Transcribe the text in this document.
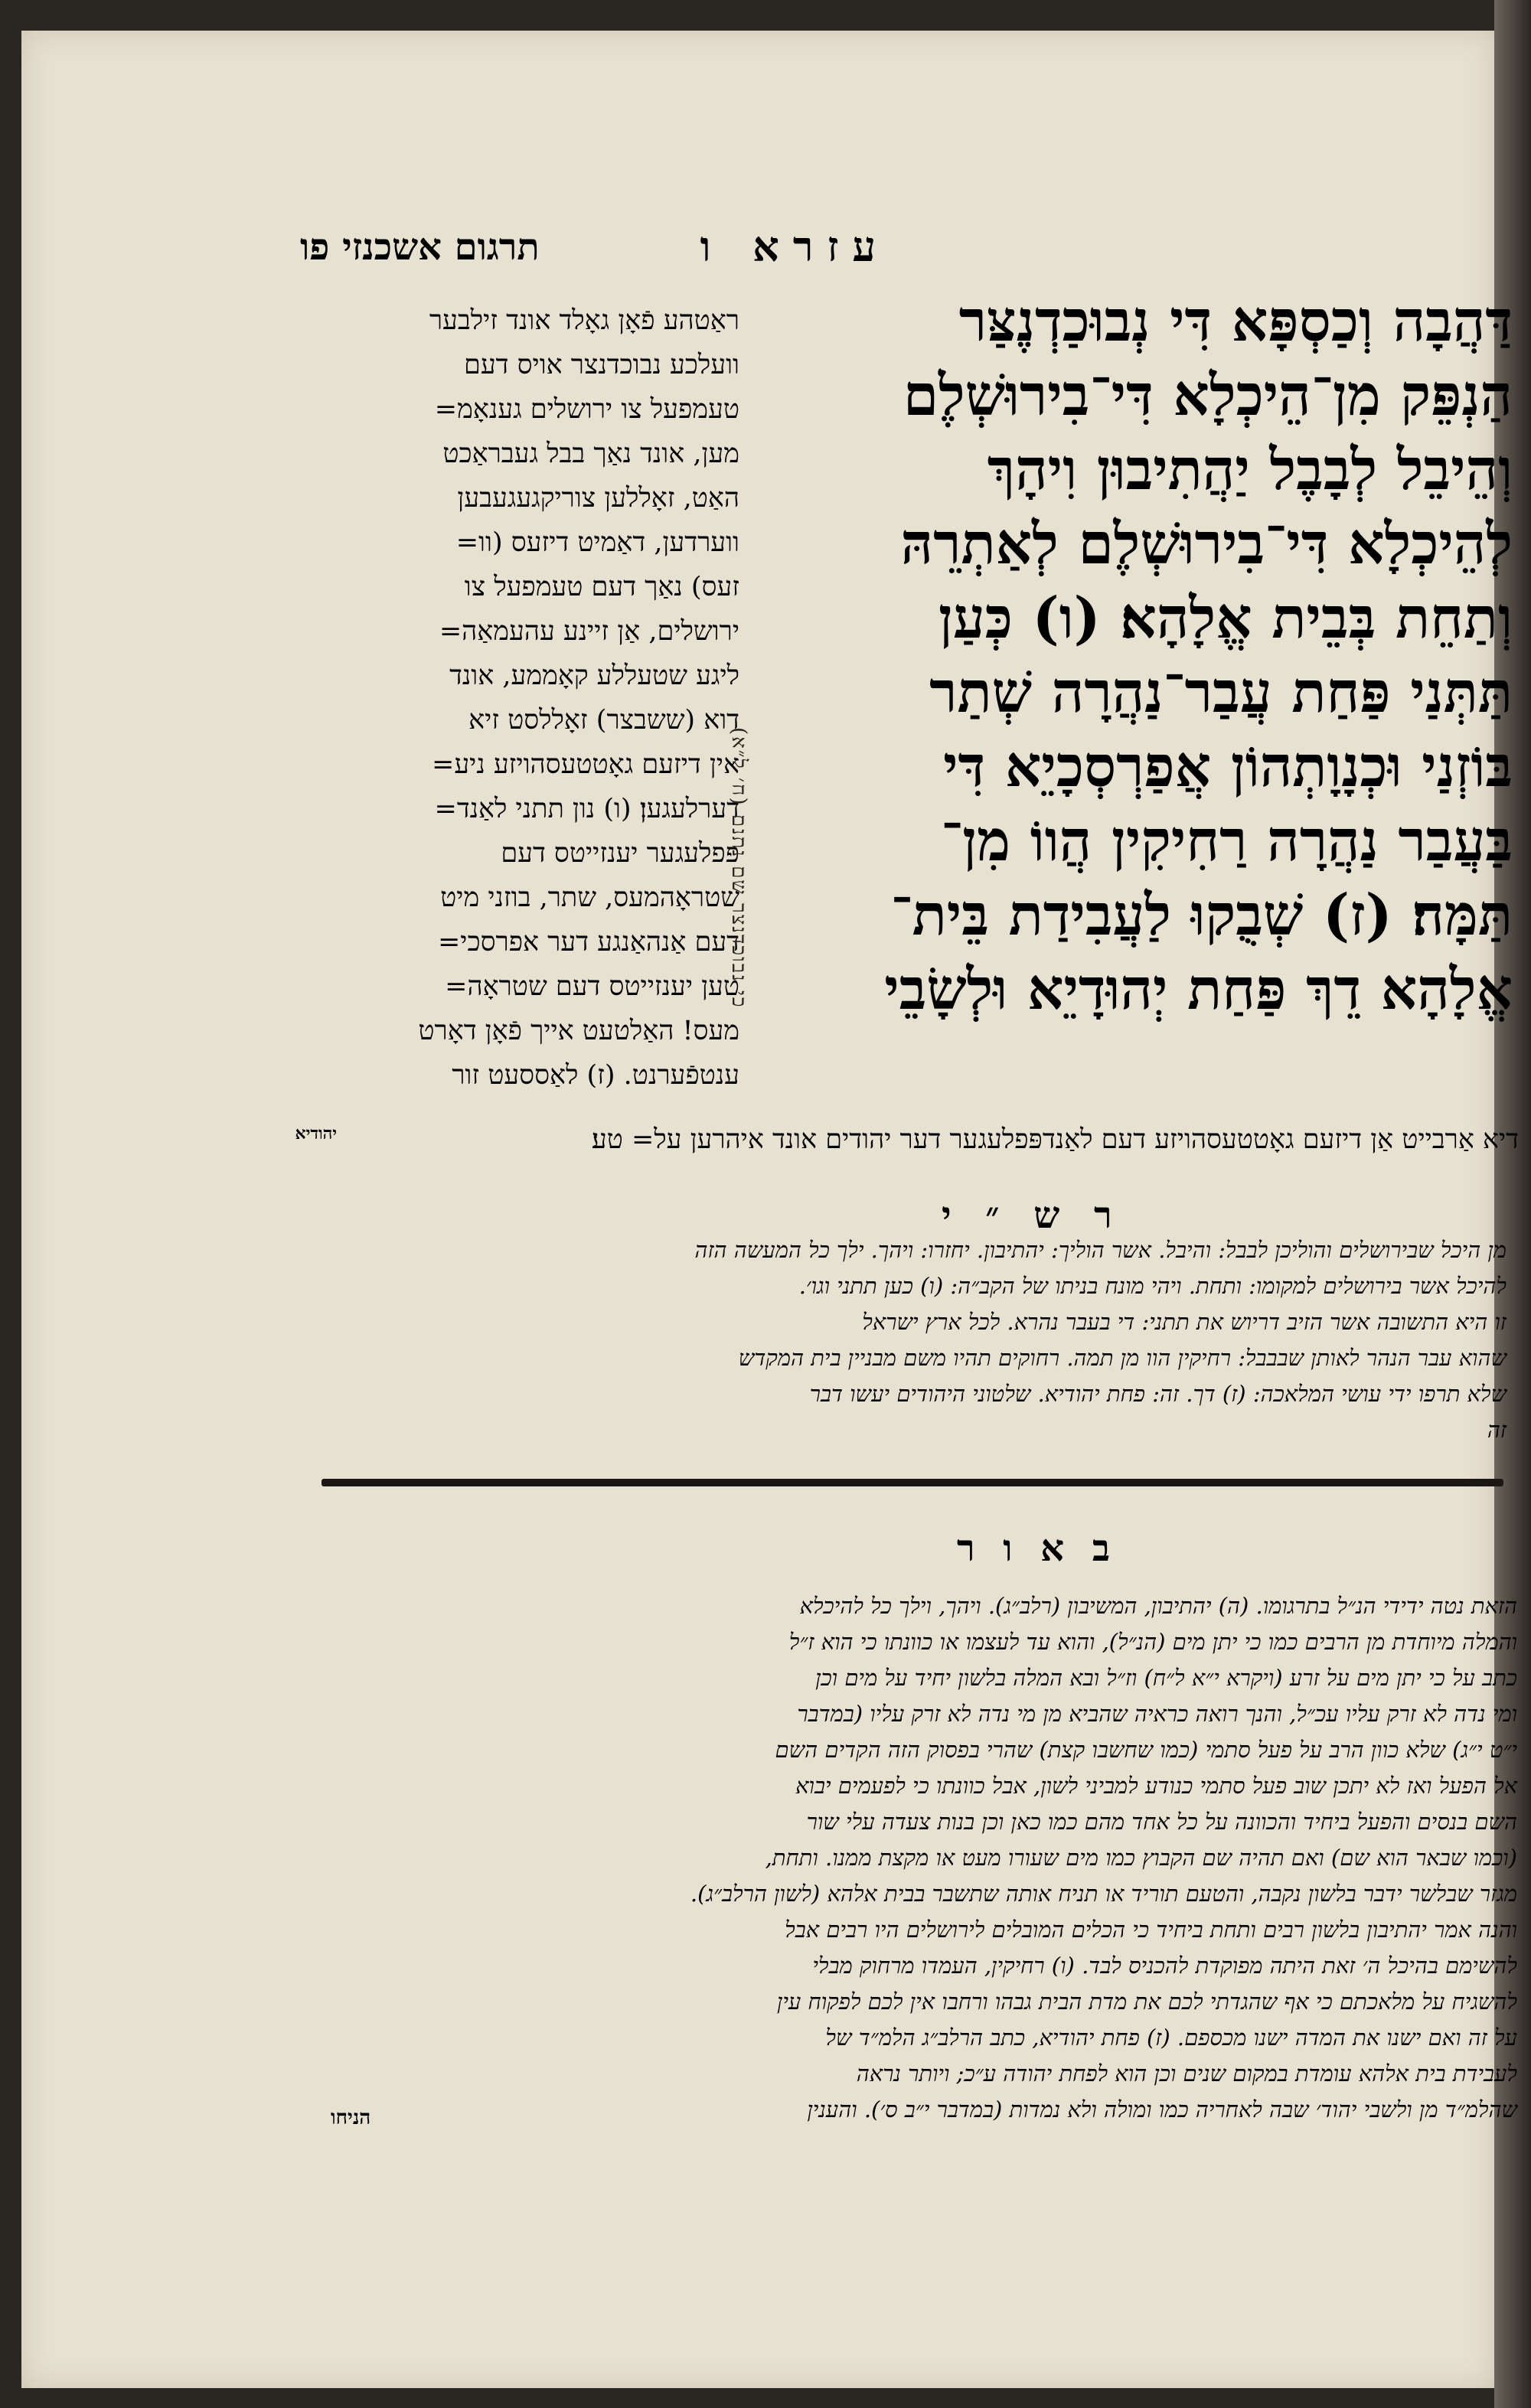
עזרא ו
תרגום אשכנזי פו
דַּהֲבָה וְכַסְפָּא דִּי נְבוּכַדְנֶצַּר
הַנְפֵּק מִן־הֵיכְלָא דִּי־בִירוּשְׁלֶם
וְהֵיבֵל לְבָבֶל יַהֲתִיבוּן וִיהָךְ
לְהֵיכְלָא דִּי־בִירוּשְׁלֶם לְאַתְרֵהּ
וְתַחֵת בְּבֵית אֱלָהָא׃ (ו) כְּעַן
תַּתְּנַי פַּחַת עֲבַר־נַהֲרָה שְׁתַר
בּוֹזְנַי וּכְנָוָתְהוֹן אֲפַרְסְכָיֵא דִּי
בַּעֲבַר נַהֲרָה רַחִיקִין הֲווֹ מִן־
תַּמָּה׃ (ז) שְׁבֻקוּ לַעֲבִידַת בֵּית־
אֱלָהָא דֵךְ פַּחַת יְהוּדָיֵא וּלְשָׂבֵי
יהודיא
ראַטהע פֿאָן גאָלד אונד זילבער
וועלכע נבוכדנצר אויס דעם
טעמפעל צו ירושלים גענאָמ=
מען, אונד נאַך בבל געבראַכט
האַט, זאָללען צוריקגעגעבען
ווערדען, דאַמיט דיזעס (וו=
זעס) נאַך דעם טעמפעל צו
ירושלים, אַן זיינע עהעמאַה=
ליגע שטעללע קאָממע, אונד
דוא (ששבצר) זאָללסט זיא
אין דיזעם גאָטטעסהויזע ניע=
דערלעגען׃ (ו) נון תתני לאַנד=
פּפלעגער יענזייטס דעם
שטראָהמעס, שתר, בוזני מיט
דעם אַנהאַנגע דער אפרסכי=
טען יענזייטס דעם שטראָה=
מעס! האַלטעט אייך פֿאָן דאָרט
ענטפֿערנט. (ז) לאַססעט זור
כי נבוכדנצר שם נתנם (ח׳ ל״א)
דיא אַרבייט אַן דיזעם גאָטטעסהויזע דעם לאַנדפּפלעגער דער יהודים אונד איהרען על= טע׃
ר ש ״ י
מן היכל שבירושלים והוליכן לבבל: והיבל. אשר הוליך: יהתיבון. יחזרו: ויהך. ילך כל המעשה הזה
להיכל אשר בירושלים למקומו: ותחת. ויהי מונח בניתו של הקב״ה: (ו) כען תתני וגו׳.
זו היא התשובה אשר הזיב דריוש את תתני: די בעבר נהרא. לכל ארץ ישראל
שהוא עבר הנהר לאותן שבבבל: רחיקין הוו מן תמה. רחוקים תהיו משם מבניין בית המקדש
שלא תרפו ידי עושי המלאכה: (ז) דך. זה: פחת יהודיא. שלטוני היהודים יעשו דבר
זה
ב א ו ר
הזאת נטה ידידי הנ״ל בתרגומו. (ה) יהתיבון, המשיבון (רלב״ג). ויהך, וילך כל להיכלא
והמלה מיוחדת מן הרבים כמו כי יתן מים (הנ״ל), והוא עד לעצמו או כוונתו כי הוא ז״ל
כתב על כי יתן מים על זרע (ויקרא י״א ל״ח) וז״ל ובא המלה בלשון יחיד על מים וכן
ומי נדה לא זרק עליו עכ״ל, והנך רואה כראיה שהביא מן מי נדה לא זרק עליו (במדבר
י״ט י״ג) שלא כוון הרב על פעל סתמי (כמו שחשבו קצת) שהרי בפסוק הזה הקדים השם
אל הפעל ואז לא יתכן שוב פעל סתמי כנודע למביני לשון, אבל כוונתו כי לפעמים יבוא
השם בנסים והפעל ביחיד והכוונה על כל אחד מהם כמו כאן וכן בנות צעדה עלי שור
(וכמו שבאר הוא שם) ואם תהיה שם הקבוץ כמו מים שעורו מעט או מקצת ממנו. ותחת,
מגזר שבלשר ידבר בלשון נקבה, והטעם תוריד או תניח אותה שתשבר בבית אלהא (לשון הרלב״ג).
והנה אמר יהתיבון בלשון רבים ותחת ביחיד כי הכלים המובלים לירושלים היו רבים אבל
להשימם בהיכל ה׳ זאת היתה מפוקדת להכניס לבד. (ו) רחיקין, העמדו מרחוק מבלי
להשגיח על מלאכתם כי אף שהגדתי לכם את מדת הבית גבהו ורחבו אין לכם לפקוח עין
על זה ואם ישנו את המדה ישנו מכספם. (ז) פחת יהודיא, כתב הרלב״ג הלמ״ד של
לעבידת בית אלהא עומדת במקום שנים וכן הוא לפחת יהודה ע״כ; ויותר נראה
שהלמ״ד מן ולשבי יהוד׳ שבה לאחריה כמו ומולה ולא נמדות (במדבר י״ב ס׳). והענין
הניחו
